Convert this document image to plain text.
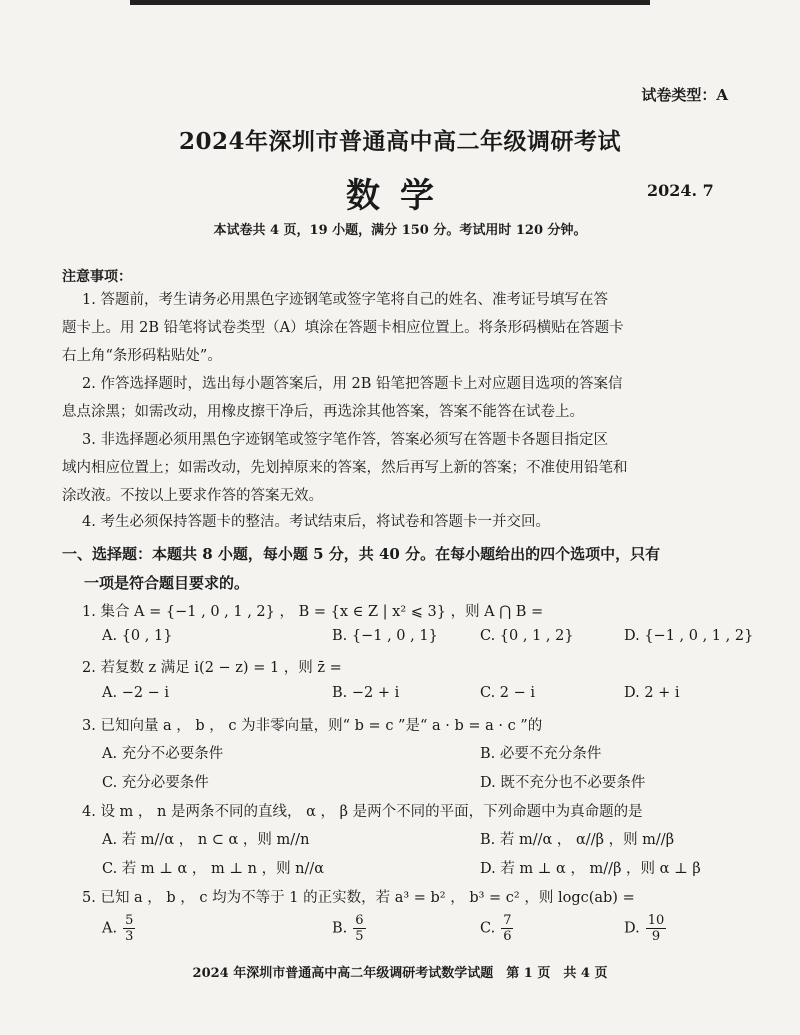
试卷类型：A
2024年深圳市普通高中高二年级调研考试
数学	2024. 7
本试卷共 4 页，19 小题，满分 150 分。考试用时 120 分钟。
注意事项：
1. 答题前，考生请务必用黑色字迹钢笔或签字笔将自己的姓名、准考证号填写在答
题卡上。用 2B 铅笔将试卷类型（A）填涂在答题卡相应位置上。将条形码横贴在答题卡
右上角“条形码粘贴处”。
2. 作答选择题时，选出每小题答案后，用 2B 铅笔把答题卡上对应题目选项的答案信
息点涂黑；如需改动，用橡皮擦干净后，再选涂其他答案，答案不能答在试卷上。
3. 非选择题必须用黑色字迹钢笔或签字笔作答，答案必须写在答题卡各题目指定区
域内相应位置上；如需改动，先划掉原来的答案，然后再写上新的答案；不准使用铅笔和
涂改液。不按以上要求作答的答案无效。
4. 考生必须保持答题卡的整洁。考试结束后，将试卷和答题卡一并交回。
一、选择题：本题共 8 小题，每小题 5 分，共 40 分。在每小题给出的四个选项中，只有
一项是符合题目要求的。
1. 集合 A = {−1 , 0 , 1 , 2} ， B = {x ∈ Z | x² ⩽ 3} ，则 A ⋂ B =
A. {0 , 1}	B. {−1 , 0 , 1}	C. {0 , 1 , 2}	D. {−1 , 0 , 1 , 2}
2. 若复数 z 满足 i(2 − z) = 1 ，则 z̄ =
A. −2 − i	B. −2 + i	C. 2 − i	D. 2 + i
3. 已知向量 a ， b ， c 为非零向量，则“ b = c ”是“ a · b = a · c ”的
A. 充分不必要条件	B. 必要不充分条件
C. 充分必要条件	D. 既不充分也不必要条件
4. 设 m ， n 是两条不同的直线， α ， β 是两个不同的平面，下列命题中为真命题的是
A. 若 m//α ， n ⊂ α ，则 m//n	B. 若 m//α ， α//β ，则 m//β
C. 若 m ⊥ α ， m ⊥ n ，则 n//α	D. 若 m ⊥ α ， m//β ，则 α ⊥ β
5. 已知 a ， b ， c 均为不等于 1 的正实数，若 a³ = b² ， b³ = c² ，则 logc(ab) =
A. $\frac{5}{3}$	B. $\frac{6}{5}$	C. $\frac{7}{6}$	D. $\frac{10}{9}$
2024 年深圳市普通高中高二年级调研考试数学试题　第 1 页　共 4 页
